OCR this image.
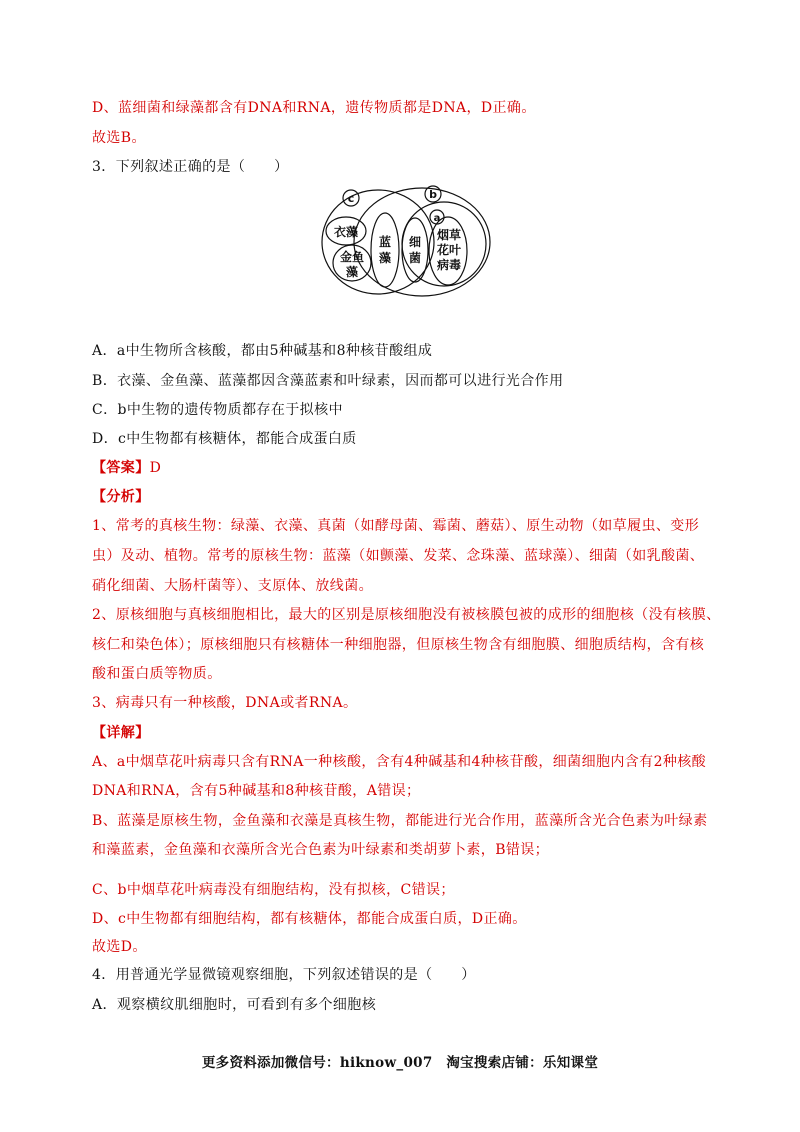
D、蓝细菌和绿藻都含有DNA和RNA，遗传物质都是DNA，D正确。
故选B。
3．下列叙述正确的是（　　）
c	b
a
衣藻
金鱼
藻
蓝
藻
细
菌
烟草
花叶
病毒
A．a中生物所含核酸，都由5种碱基和8种核苷酸组成
B．衣藻、金鱼藻、蓝藻都因含藻蓝素和叶绿素，因而都可以进行光合作用
C．b中生物的遗传物质都存在于拟核中
D．c中生物都有核糖体，都能合成蛋白质
【答案】D
【分析】
1、常考的真核生物：绿藻、衣藻、真菌（如酵母菌、霉菌、蘑菇）、原生动物（如草履虫、变形
虫）及动、植物。常考的原核生物：蓝藻（如颤藻、发菜、念珠藻、蓝球藻）、细菌（如乳酸菌、
硝化细菌、大肠杆菌等）、支原体、放线菌。
2、原核细胞与真核细胞相比，最大的区别是原核细胞没有被核膜包被的成形的细胞核（没有核膜、
核仁和染色体）；原核细胞只有核糖体一种细胞器，但原核生物含有细胞膜、细胞质结构，含有核
酸和蛋白质等物质。
3、病毒只有一种核酸，DNA或者RNA。
【详解】
A、a中烟草花叶病毒只含有RNA一种核酸，含有4种碱基和4种核苷酸，细菌细胞内含有2种核酸
DNA和RNA，含有5种碱基和8种核苷酸，A错误；
B、蓝藻是原核生物，金鱼藻和衣藻是真核生物，都能进行光合作用，蓝藻所含光合色素为叶绿素
和藻蓝素，金鱼藻和衣藻所含光合色素为叶绿素和类胡萝卜素，B错误；
C、b中烟草花叶病毒没有细胞结构，没有拟核，C错误；
D、c中生物都有细胞结构，都有核糖体，都能合成蛋白质，D正确。
故选D。
4．用普通光学显微镜观察细胞，下列叙述错误的是（　　）
A．观察横纹肌细胞时，可看到有多个细胞核
更多资料添加微信号：hiknow_007　淘宝搜索店铺：乐知课堂
